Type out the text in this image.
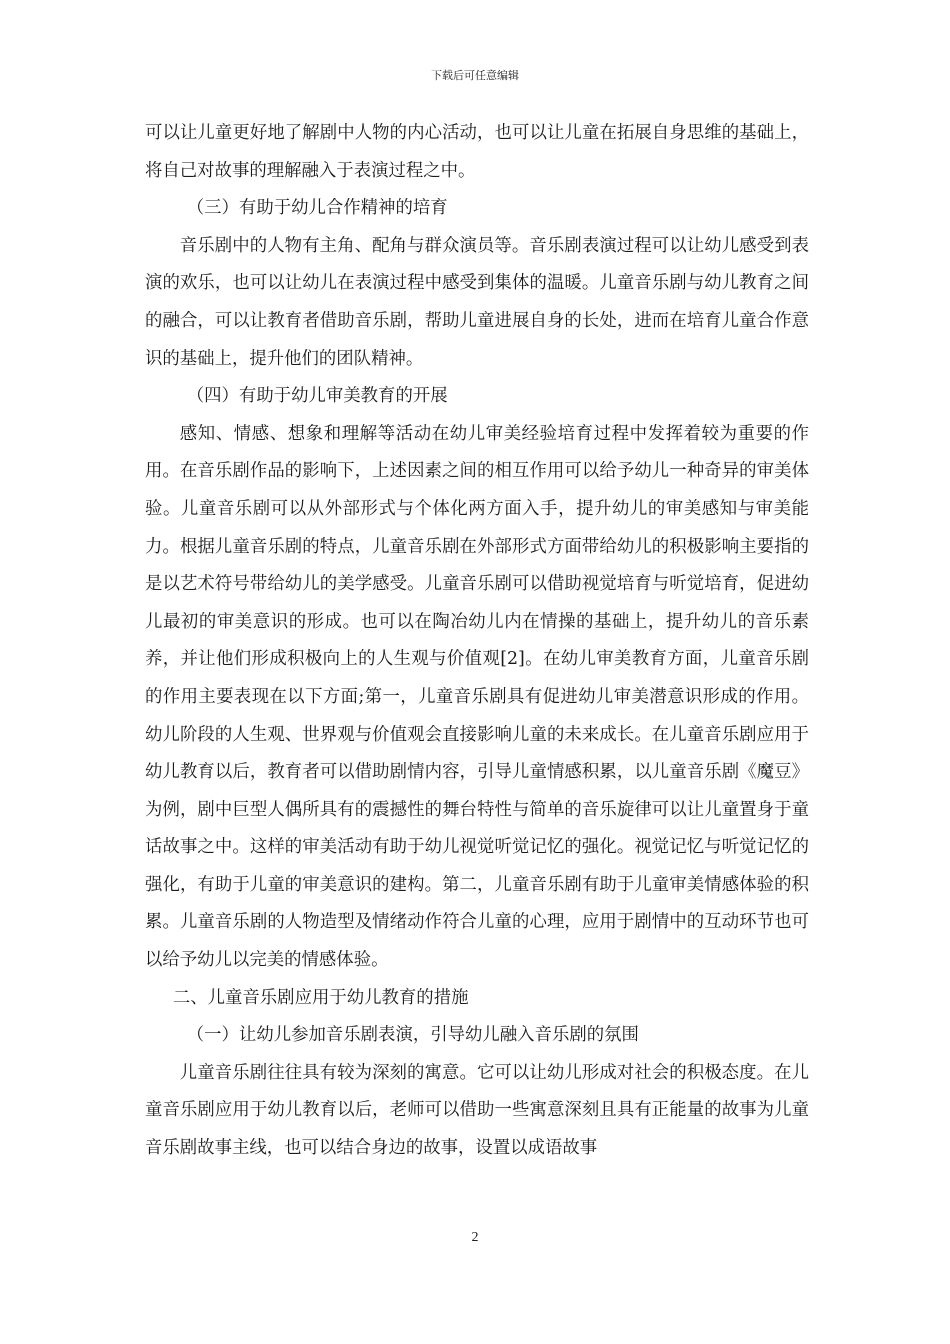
下载后可任意编辑

可以让儿童更好地了解剧中人物的内心活动，也可以让儿童在拓展自身思维的基础上，将自己对故事的理解融入于表演过程之中。

（三）有助于幼儿合作精神的培育

音乐剧中的人物有主角、配角与群众演员等。音乐剧表演过程可以让幼儿感受到表演的欢乐，也可以让幼儿在表演过程中感受到集体的温暖。儿童音乐剧与幼儿教育之间的融合，可以让教育者借助音乐剧，帮助儿童进展自身的长处，进而在培育儿童合作意识的基础上，提升他们的团队精神。

（四）有助于幼儿审美教育的开展

感知、情感、想象和理解等活动在幼儿审美经验培育过程中发挥着较为重要的作用。在音乐剧作品的影响下，上述因素之间的相互作用可以给予幼儿一种奇异的审美体验。儿童音乐剧可以从外部形式与个体化两方面入手，提升幼儿的审美感知与审美能力。根据儿童音乐剧的特点，儿童音乐剧在外部形式方面带给幼儿的积极影响主要指的是以艺术符号带给幼儿的美学感受。儿童音乐剧可以借助视觉培育与听觉培育，促进幼儿最初的审美意识的形成。也可以在陶冶幼儿内在情操的基础上，提升幼儿的音乐素养，并让他们形成积极向上的人生观与价值观[2]。在幼儿审美教育方面，儿童音乐剧的作用主要表现在以下方面;第一，儿童音乐剧具有促进幼儿审美潜意识形成的作用。幼儿阶段的人生观、世界观与价值观会直接影响儿童的未来成长。在儿童音乐剧应用于幼儿教育以后，教育者可以借助剧情内容，引导儿童情感积累，以儿童音乐剧《魔豆》为例，剧中巨型人偶所具有的震撼性的舞台特性与简单的音乐旋律可以让儿童置身于童话故事之中。这样的审美活动有助于幼儿视觉听觉记忆的强化。视觉记忆与听觉记忆的强化，有助于儿童的审美意识的建构。第二，儿童音乐剧有助于儿童审美情感体验的积累。儿童音乐剧的人物造型及情绪动作符合儿童的心理，应用于剧情中的互动环节也可以给予幼儿以完美的情感体验。

二、儿童音乐剧应用于幼儿教育的措施

（一）让幼儿参加音乐剧表演，引导幼儿融入音乐剧的氛围

儿童音乐剧往往具有较为深刻的寓意。它可以让幼儿形成对社会的积极态度。在儿童音乐剧应用于幼儿教育以后，老师可以借助一些寓意深刻且具有正能量的故事为儿童音乐剧故事主线，也可以结合身边的故事，设置以成语故事

2
